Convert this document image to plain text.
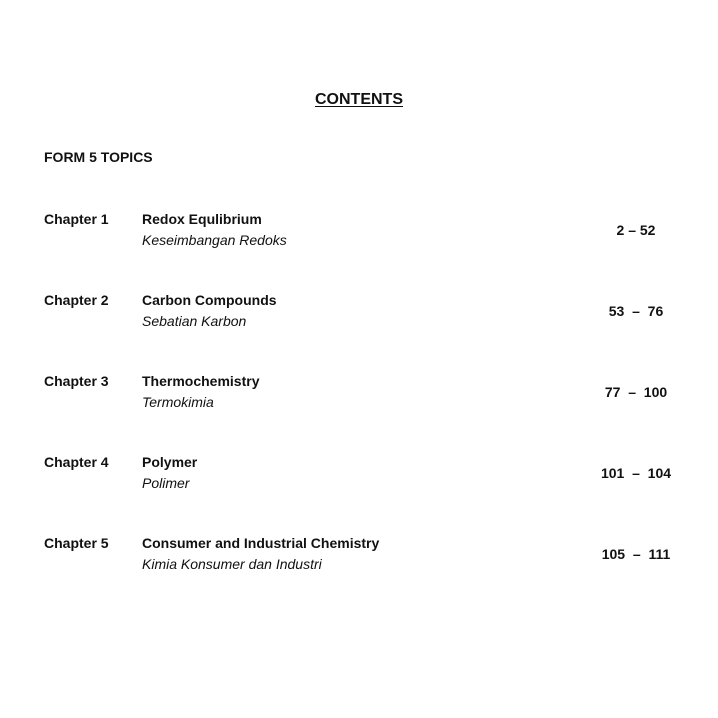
CONTENTS
FORM 5 TOPICS
Chapter 1 Redox Equlibrium
Keseimbangan Redoks
2 – 52
Chapter 2 Carbon Compounds
Sebatian Karbon
53  –  76
Chapter 3 Thermochemistry
Termokimia
77  –  100
Chapter 4 Polymer
Polimer
101  –  104
Chapter 5 Consumer and Industrial Chemistry
Kimia Konsumer dan Industri
105  –  111
